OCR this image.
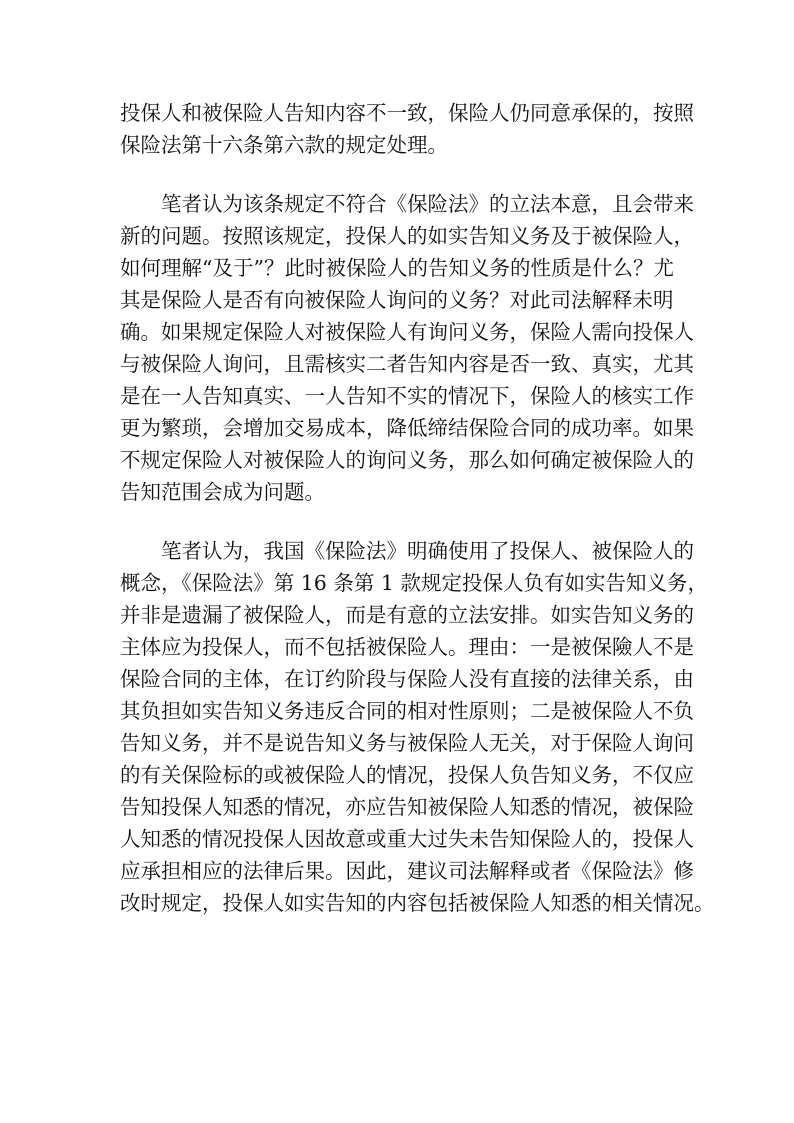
投保人和被保险人告知内容不一致，保险人仍同意承保的，按照
保险法第十六条第六款的规定处理。
　　笔者认为该条规定不符合《保险法》的立法本意，且会带来
新的问题。按照该规定，投保人的如实告知义务及于被保险人，
如何理解“及于”？此时被保险人的告知义务的性质是什么？尤
其是保险人是否有向被保险人询问的义务？对此司法解释未明
确。如果规定保险人对被保险人有询问义务，保险人需向投保人
与被保险人询问，且需核实二者告知内容是否一致、真实，尤其
是在一人告知真实、一人告知不实的情况下，保险人的核实工作
更为繁琐，会增加交易成本，降低缔结保险合同的成功率。如果
不规定保险人对被保险人的询问义务，那么如何确定被保险人的
告知范围会成为问题。
　　笔者认为，我国《保险法》明确使用了投保人、被保险人的
概念，《保险法》第 16 条第 1 款规定投保人负有如实告知义务，
并非是遗漏了被保险人，而是有意的立法安排。如实告知义务的
主体应为投保人，而不包括被保险人。理由：一是被保險人不是
保险合同的主体，在订约阶段与保险人没有直接的法律关系，由
其负担如实告知义务违反合同的相对性原则；二是被保险人不负
告知义务，并不是说告知义务与被保险人无关，对于保险人询问
的有关保险标的或被保险人的情况，投保人负告知义务，不仅应
告知投保人知悉的情况，亦应告知被保险人知悉的情况，被保险
人知悉的情况投保人因故意或重大过失未告知保险人的，投保人
应承担相应的法律后果。因此，建议司法解释或者《保险法》修
改时规定，投保人如实告知的内容包括被保险人知悉的相关情况。
